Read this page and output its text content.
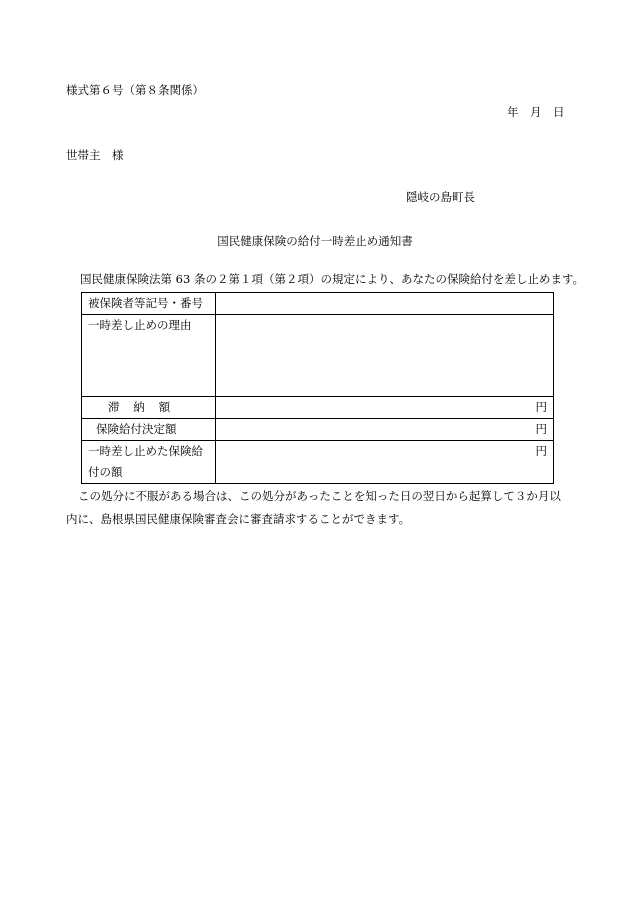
様式第６号（第８条関係）
年　月　日
世帯主　様
隠岐の島町長
国民健康保険の給付一時差止め通知書
国民健康保険法第 63 条の２第１項（第２項）の規定により、あなたの保険給付を差し止めます。
被保険者等記号・番号	
一時差し止めの理由	
滞納額	円
保険給付決定額	円
一時差し止めた保険給
付の額	円
この処分に不服がある場合は、この処分があったことを知った日の翌日から起算して３か月以内に、島根県国民健康保険審査会に審査請求することができます。
